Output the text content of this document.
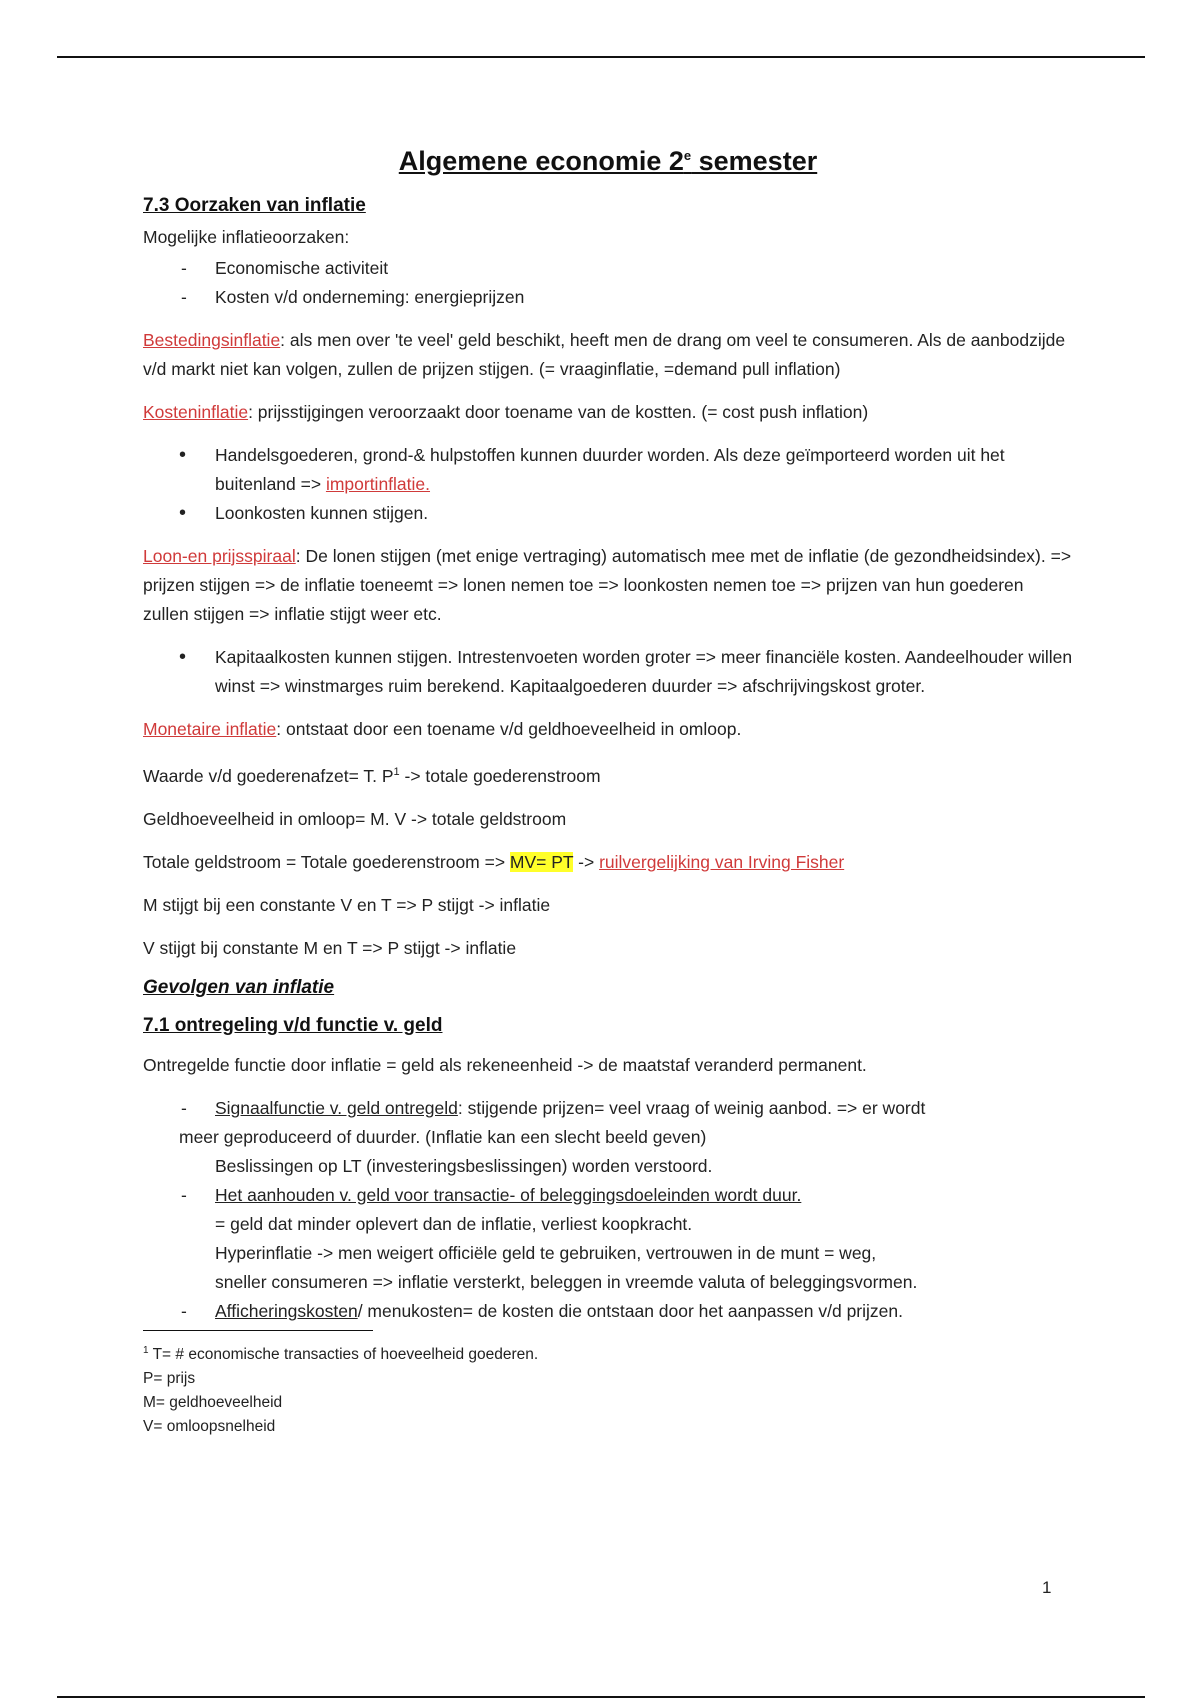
Algemene economie 2e semester
7.3 Oorzaken van inflatie

Mogelijke inflatieoorzaken:

- Economische activiteit
- Kosten v/d onderneming: energieprijzen

Bestedingsinflatie: als men over 'te veel' geld beschikt, heeft men de drang om veel te consumeren. Als de aanbodzijde v/d markt niet kan volgen, zullen de prijzen stijgen. (= vraaginflatie, =demand pull inflation)

Kosteninflatie: prijsstijgingen veroorzaakt door toename van de kostten. (= cost push inflation)

• Handelsgoederen, grond-& hulpstoffen kunnen duurder worden. Als deze geïmporteerd worden uit het buitenland => importinflatie.
• Loonkosten kunnen stijgen.

Loon-en prijsspiraal: De lonen stijgen (met enige vertraging) automatisch mee met de inflatie (de gezondheidsindex). => prijzen stijgen => de inflatie toeneemt => lonen nemen toe => loonkosten nemen toe => prijzen van hun goederen zullen stijgen => inflatie stijgt weer etc.

• Kapitaalkosten kunnen stijgen. Intrestenvoeten worden groter => meer financiële kosten. Aandeelhouder willen winst => winstmarges ruim berekend. Kapitaalgoederen duurder => afschrijvingskost groter.

Monetaire inflatie: ontstaat door een toename v/d geldhoeveelheid in omloop.

Waarde v/d goederenafzet= T. $P^1$ -> totale goederenstroom

Geldhoeveelheid in omloop= M. V -> totale geldstroom

Totale geldstroom = Totale goederenstroom => MV= PT -> ruilvergelijking van Irving Fisher

M stijgt bij een constante V en T => P stijgt -> inflatie

V stijgt bij constante M en T => P stijgt -> inflatie

Gevolgen van inflatie
7.1 ontregeling v/d functie v. geld

Ontregelde functie door inflatie = geld als rekeneenheid -> de maatstaf veranderd permanent.

- Signaalfunctie v. geld ontregeld: stijgende prijzen= veel vraag of weinig aanbod. => er wordt
meer geproduceerd of duurder. (Inflatie kan een slecht beeld geven)
Beslissingen op LT (investeringsbeslissingen) worden verstoord.
- Het aanhouden v. geld voor transactie- of beleggingsdoeleinden wordt duur.
= geld dat minder oplevert dan de inflatie, verliest koopkracht.
Hyperinflatie -> men weigert officiële geld te gebruiken, vertrouwen in de munt = weg,
sneller consumeren => inflatie versterkt, beleggen in vreemde valuta of beleggingsvormen.
- Afficheringskosten/ menukosten= de kosten die ontstaan door het aanpassen v/d prijzen.

$^1$ T= # economische transacties of hoeveelheid goederen.

P= prijs

M= geldhoeveelheid

V= omloopsnelheid

1
